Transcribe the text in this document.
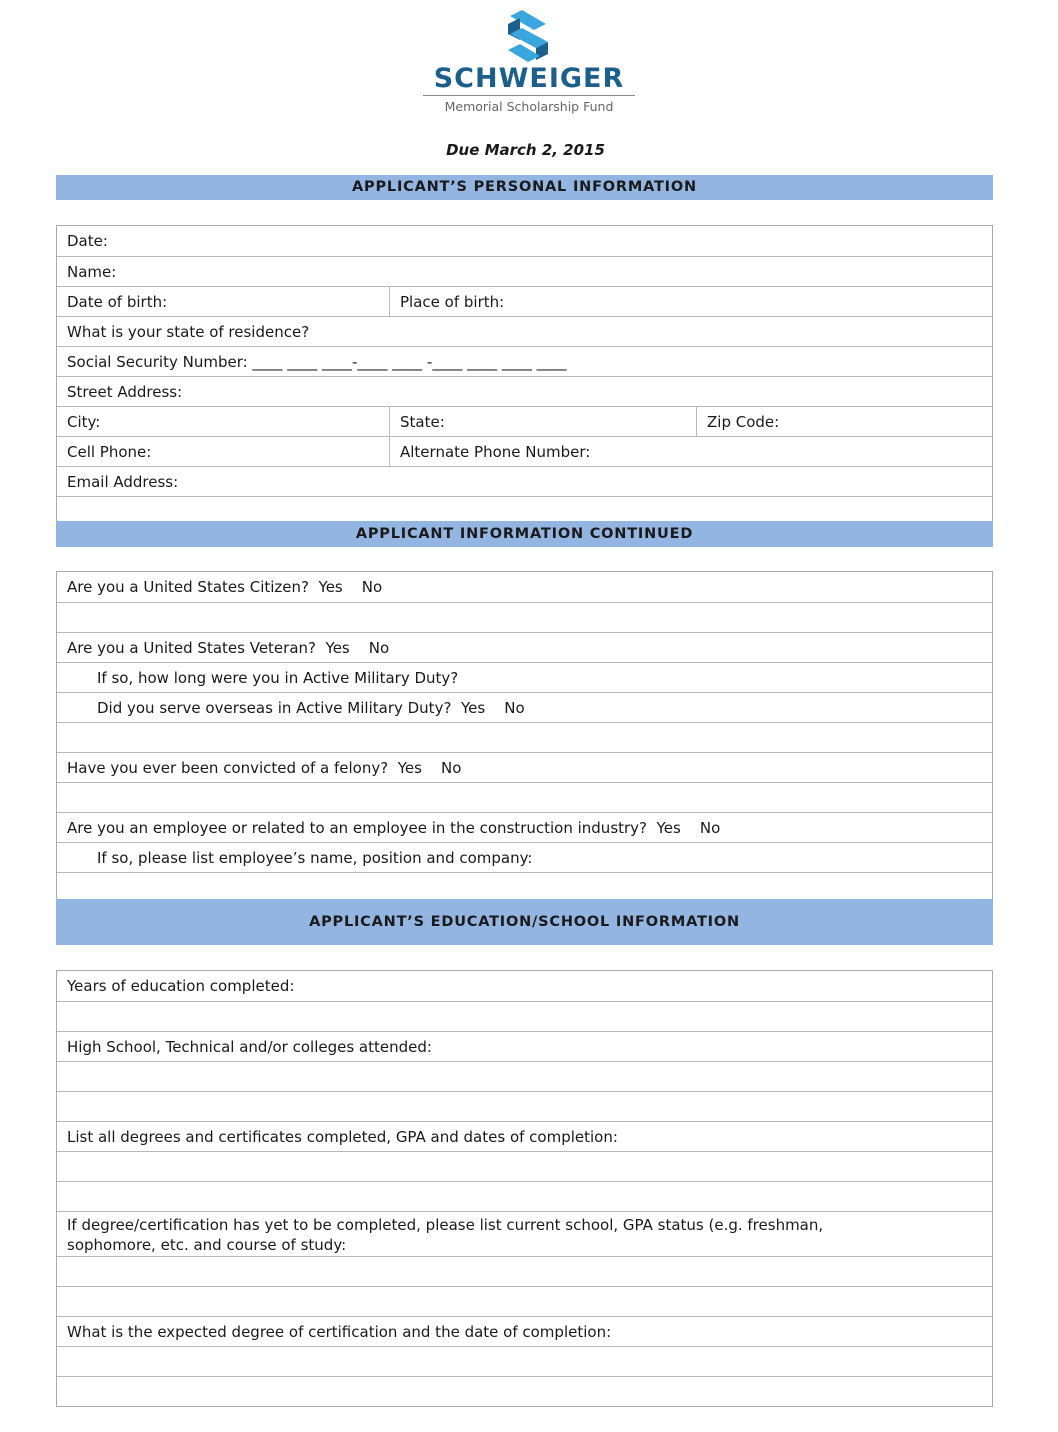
SCHWEIGER
Memorial Scholarship Fund
Due March 2, 2015
APPLICANT’S PERSONAL INFORMATION
Date:
Name:
Date of birth:	Place of birth:
What is your state of residence?
Social Security Number: ____ ____ ____-____ ____ -____ ____ ____ ____
Street Address:
City:	State:	Zip Code:
Cell Phone:	Alternate Phone Number:
Email Address:
APPLICANT INFORMATION CONTINUED
Are you a United States Citizen?  Yes    No
Are you a United States Veteran?  Yes    No
If so, how long were you in Active Military Duty?
Did you serve overseas in Active Military Duty?  Yes    No
Have you ever been convicted of a felony?  Yes    No
Are you an employee or related to an employee in the construction industry?  Yes    No
If so, please list employee’s name, position and company:
APPLICANT’S EDUCATION/SCHOOL INFORMATION
Years of education completed:
High School, Technical and/or colleges attended:
List all degrees and certificates completed, GPA and dates of completion:
If degree/certification has yet to be completed, please list current school, GPA status (e.g. freshman, sophomore, etc. and course of study:
What is the expected degree of certification and the date of completion:
